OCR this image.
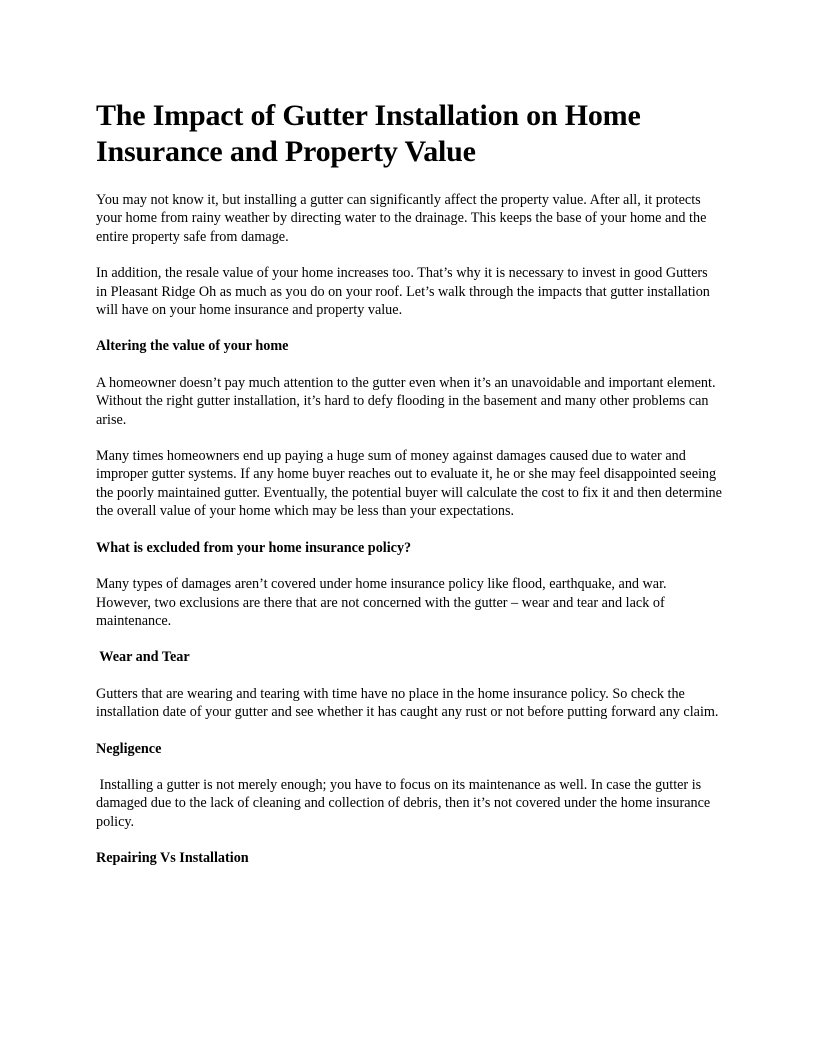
The Impact of Gutter Installation on Home Insurance and Property Value

You may not know it, but installing a gutter can significantly affect the property value. After all, it protects your home from rainy weather by directing water to the drainage. This keeps the base of your home and the entire property safe from damage.

In addition, the resale value of your home increases too. That’s why it is necessary to invest in good Gutters in Pleasant Ridge Oh as much as you do on your roof. Let’s walk through the impacts that gutter installation will have on your home insurance and property value.

Altering the value of your home

A homeowner doesn’t pay much attention to the gutter even when it’s an unavoidable and important element. Without the right gutter installation, it’s hard to defy flooding in the basement and many other problems can arise.

Many times homeowners end up paying a huge sum of money against damages caused due to water and improper gutter systems. If any home buyer reaches out to evaluate it, he or she may feel disappointed seeing the poorly maintained gutter. Eventually, the potential buyer will calculate the cost to fix it and then determine the overall value of your home which may be less than your expectations.

What is excluded from your home insurance policy?

Many types of damages aren’t covered under home insurance policy like flood, earthquake, and war. However, two exclusions are there that are not concerned with the gutter – wear and tear and lack of maintenance.

Wear and Tear

Gutters that are wearing and tearing with time have no place in the home insurance policy. So check the installation date of your gutter and see whether it has caught any rust or not before putting forward any claim.

Negligence

Installing a gutter is not merely enough; you have to focus on its maintenance as well. In case the gutter is damaged due to the lack of cleaning and collection of debris, then it’s not covered under the home insurance policy.

Repairing Vs Installation
